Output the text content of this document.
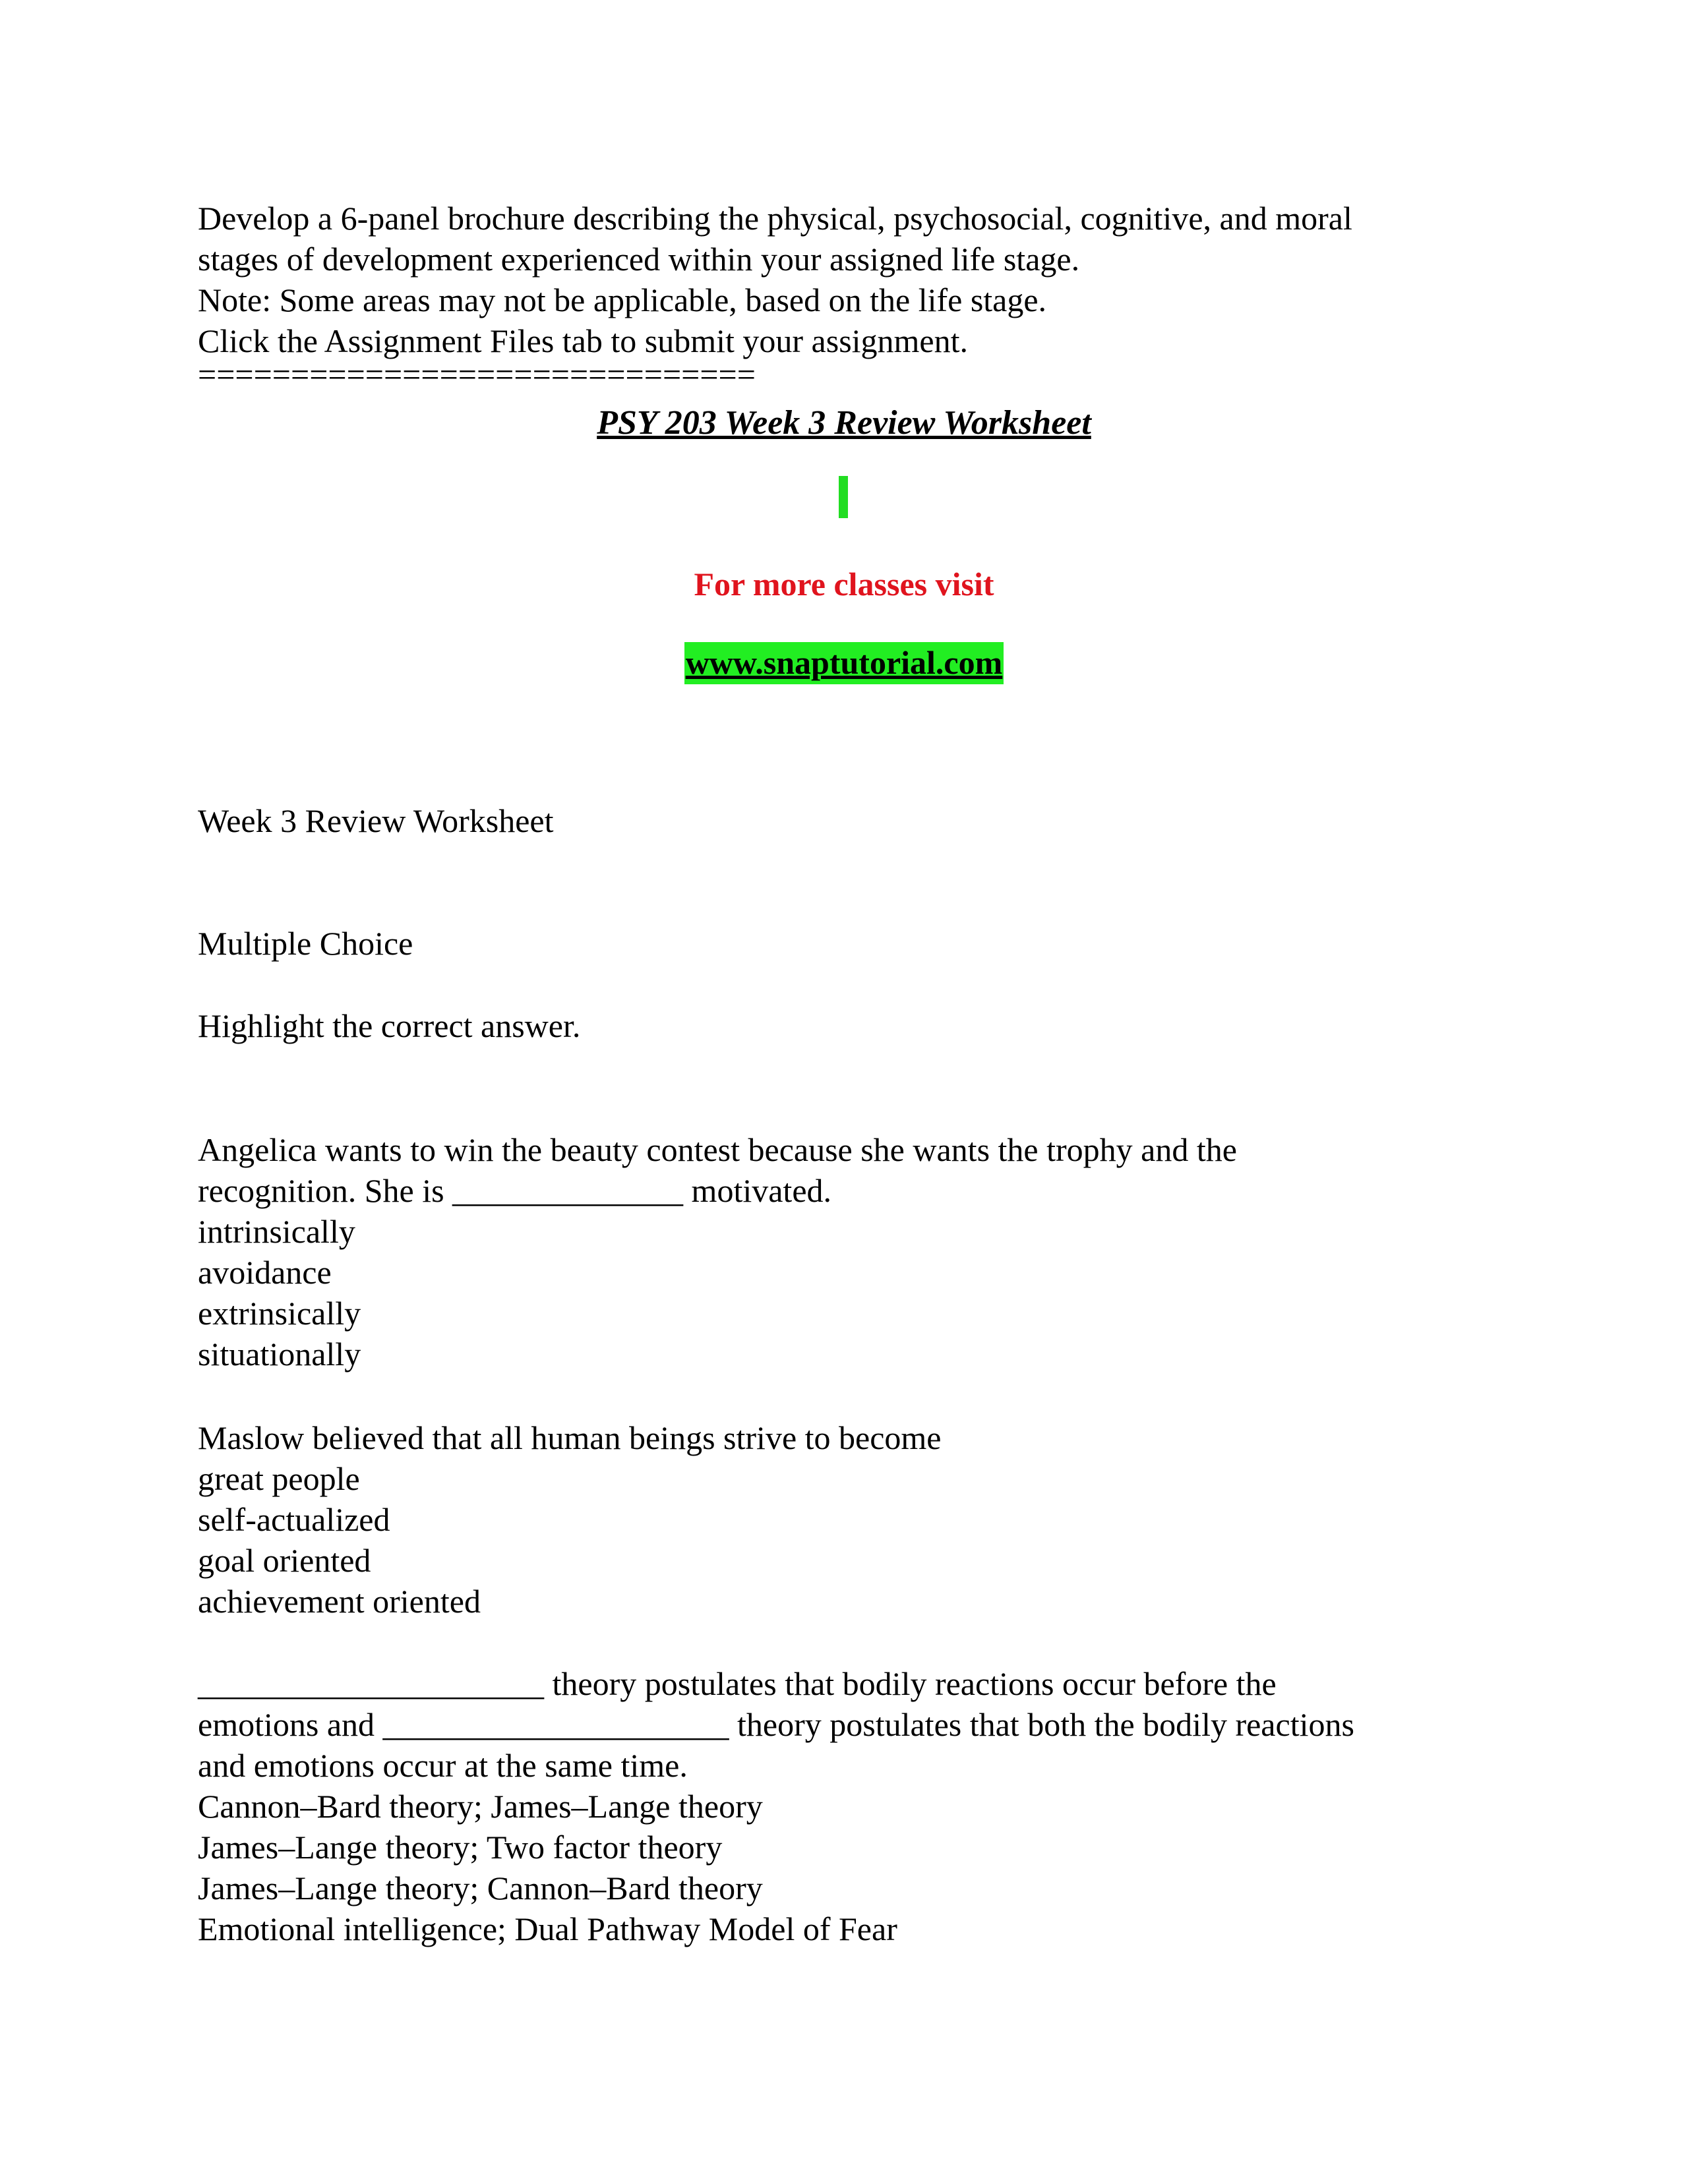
Develop a 6-panel brochure describing the physical, psychosocial, cognitive, and moral
stages of development experienced within your assigned life stage.
Note: Some areas may not be applicable, based on the life stage.
Click the Assignment Files tab to submit your assignment.
==============================
PSY 203 Week 3 Review Worksheet
For more classes visit
www.snaptutorial.com
Week 3 Review Worksheet
Multiple Choice
Highlight the correct answer.
Angelica wants to win the beauty contest because she wants the trophy and the
recognition. She is ______________ motivated.
intrinsically
avoidance
extrinsically
situationally
Maslow believed that all human beings strive to become
great people
self-actualized
goal oriented
achievement oriented
_____________________ theory postulates that bodily reactions occur before the
emotions and _____________________ theory postulates that both the bodily reactions
and emotions occur at the same time.
Cannon–Bard theory; James–Lange theory
James–Lange theory; Two factor theory
James–Lange theory; Cannon–Bard theory
Emotional intelligence; Dual Pathway Model of Fear
